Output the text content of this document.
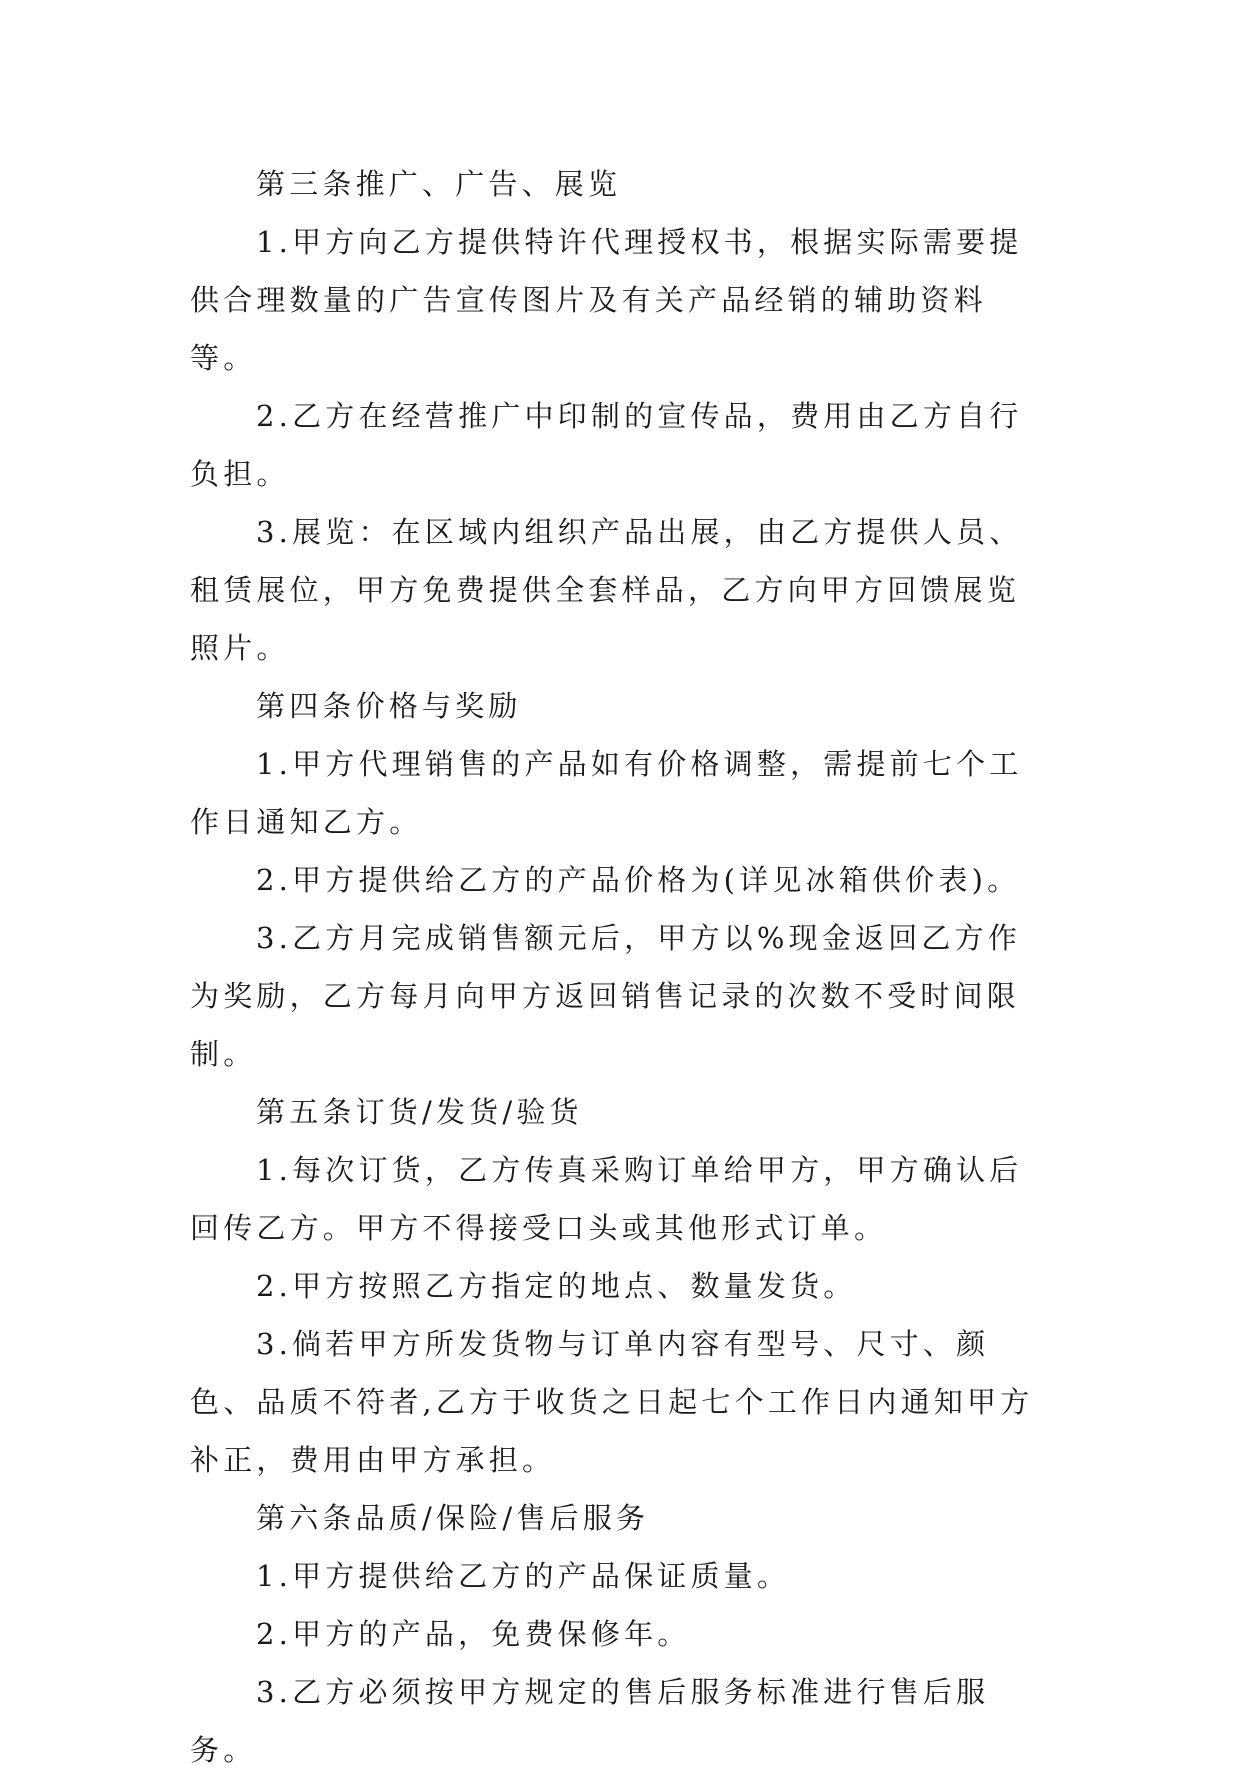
第三条推广、广告、展览

1.甲方向乙方提供特许代理授权书，根据实际需要提供合理数量的广告宣传图片及有关产品经销的辅助资料等。

2.乙方在经营推广中印制的宣传品，费用由乙方自行负担。

3.展览：在区域内组织产品出展，由乙方提供人员、租赁展位，甲方免费提供全套样品，乙方向甲方回馈展览照片。

第四条价格与奖励

1.甲方代理销售的产品如有价格调整，需提前七个工作日通知乙方。

2.甲方提供给乙方的产品价格为(详见冰箱供价表)。

3.乙方月完成销售额元后，甲方以%现金返回乙方作为奖励，乙方每月向甲方返回销售记录的次数不受时间限制。

第五条订货/发货/验货

1.每次订货，乙方传真采购订单给甲方，甲方确认后回传乙方。甲方不得接受口头或其他形式订单。

2.甲方按照乙方指定的地点、数量发货。

3.倘若甲方所发货物与订单内容有型号、尺寸、颜色、品质不符者,乙方于收货之日起七个工作日内通知甲方补正，费用由甲方承担。

第六条品质/保险/售后服务

1.甲方提供给乙方的产品保证质量。

2.甲方的产品，免费保修年。

3.乙方必须按甲方规定的售后服务标准进行售后服务。
